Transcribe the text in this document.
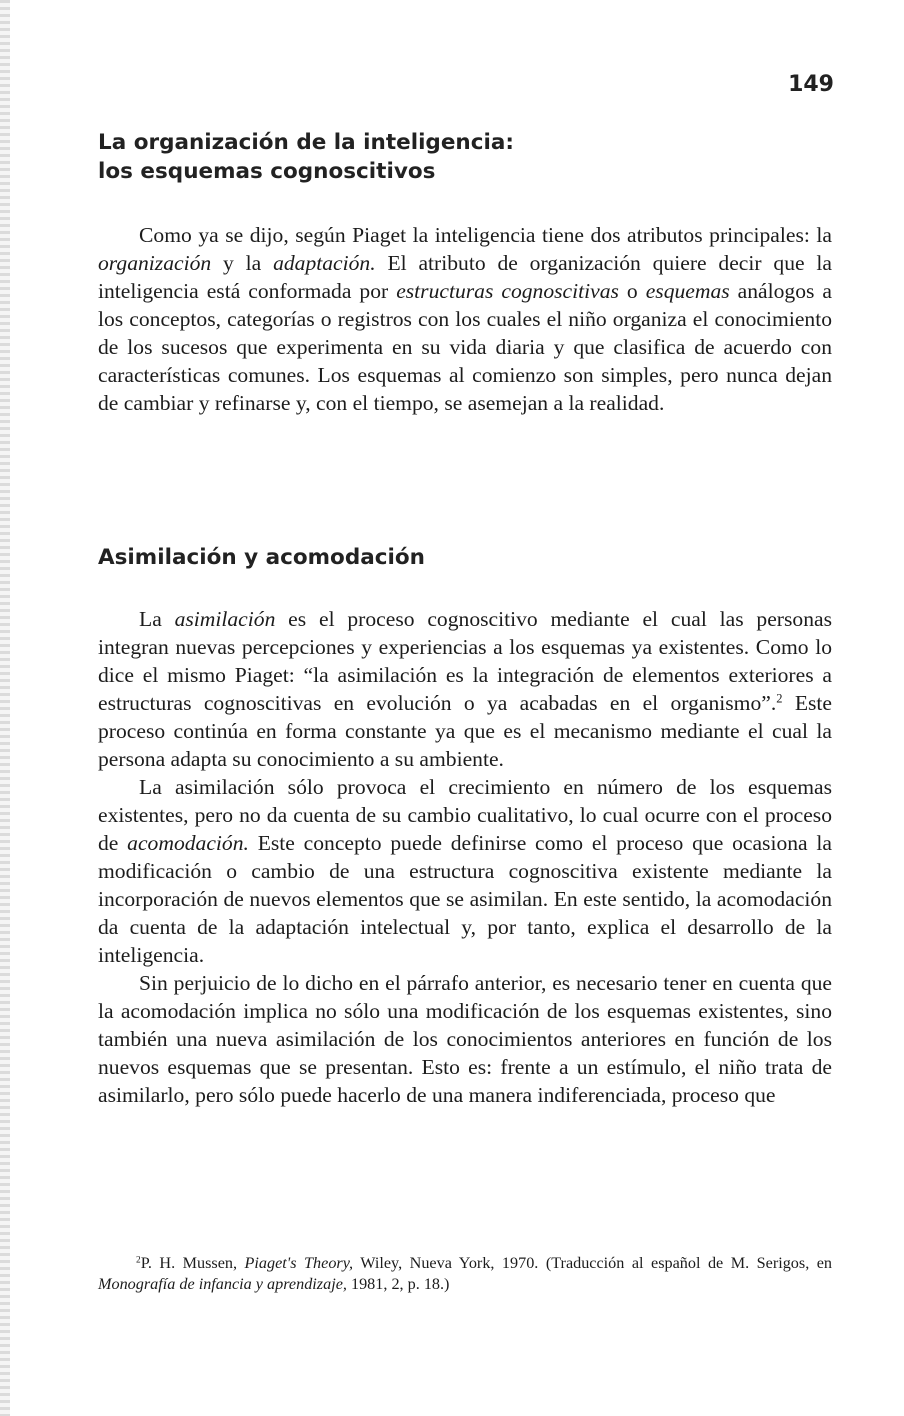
149
La organización de la inteligencia:
los esquemas cognoscitivos

Como ya se dijo, según Piaget la inteligencia tiene dos atributos principales: la organización y la adaptación. El atributo de organización quiere decir que la inteligencia está conformada por estructuras cognoscitivas o esquemas análogos a los conceptos, categorías o registros con los cuales el niño organiza el conocimiento de los sucesos que experimenta en su vida diaria y que clasifica de acuerdo con características comunes. Los esquemas al comienzo son simples, pero nunca dejan de cambiar y refinarse y, con el tiempo, se asemejan a la realidad.

Asimilación y acomodación

La asimilación es el proceso cognoscitivo mediante el cual las personas integran nuevas percepciones y experiencias a los esquemas ya existentes. Como lo dice el mismo Piaget: “la asimilación es la integración de elementos exteriores a estructuras cognoscitivas en evolución o ya acabadas en el organismo”.$^2$ Este proceso continúa en forma constante ya que es el mecanismo mediante el cual la persona adapta su conocimiento a su ambiente.

La asimilación sólo provoca el crecimiento en número de los esquemas existentes, pero no da cuenta de su cambio cualitativo, lo cual ocurre con el proceso de acomodación. Este concepto puede definirse como el proceso que ocasiona la modificación o cambio de una estructura cognoscitiva existente mediante la incorporación de nuevos elementos que se asimilan. En este sentido, la acomodación da cuenta de la adaptación intelectual y, por tanto, explica el desarrollo de la inteligencia.

Sin perjuicio de lo dicho en el párrafo anterior, es necesario tener en cuenta que la acomodación implica no sólo una modificación de los esquemas existentes, sino también una nueva asimilación de los conocimientos anteriores en función de los nuevos esquemas que se presentan. Esto es: frente a un estímulo, el niño trata de asimilarlo, pero sólo puede hacerlo de una manera indiferenciada, proceso que

$^2$P. H. Mussen, Piaget's Theory, Wiley, Nueva York, 1970. (Traducción al español de M. Serigos, en Monografía de infancia y aprendizaje, 1981, 2, p. 18.)
